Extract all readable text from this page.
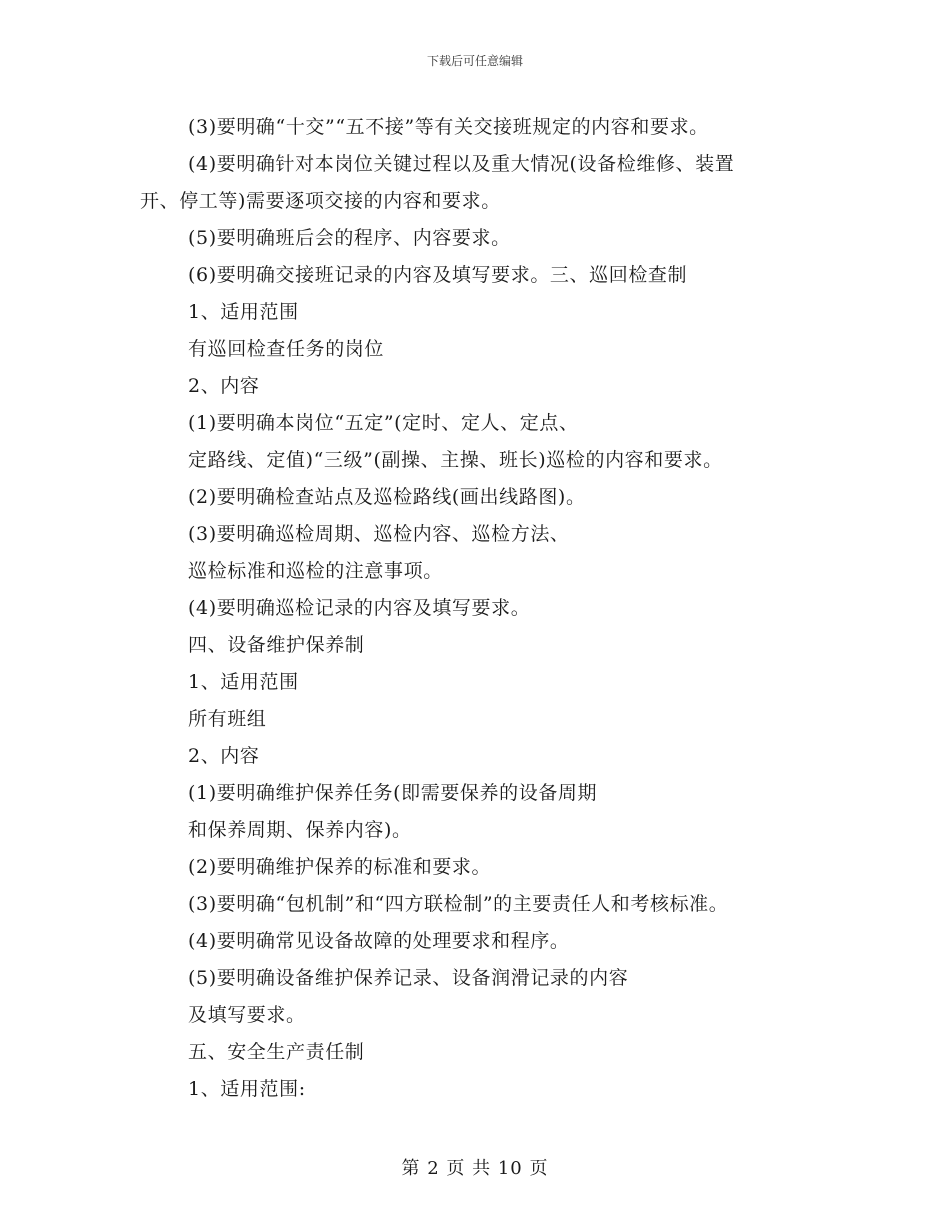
下载后可任意编辑
(3)要明确“十交”“五不接”等有关交接班规定的内容和要求。
(4)要明确针对本岗位关键过程以及重大情况(设备检维修、装置
开、停工等)需要逐项交接的内容和要求。
(5)要明确班后会的程序、内容要求。
(6)要明确交接班记录的内容及填写要求。三、巡回检查制
1、适用范围
有巡回检查任务的岗位
2、内容
(1)要明确本岗位“五定”(定时、定人、定点、
定路线、定值)“三级”(副操、主操、班长)巡检的内容和要求。
(2)要明确检查站点及巡检路线(画出线路图)。
(3)要明确巡检周期、巡检内容、巡检方法、
巡检标准和巡检的注意事项。
(4)要明确巡检记录的内容及填写要求。
四、设备维护保养制
1、适用范围
所有班组
2、内容
(1)要明确维护保养任务(即需要保养的设备周期
和保养周期、保养内容)。
(2)要明确维护保养的标准和要求。
(3)要明确“包机制”和“四方联检制”的主要责任人和考核标准。
(4)要明确常见设备故障的处理要求和程序。
(5)要明确设备维护保养记录、设备润滑记录的内容
及填写要求。
五、安全生产责任制
1、适用范围:
第 2 页 共 10 页
